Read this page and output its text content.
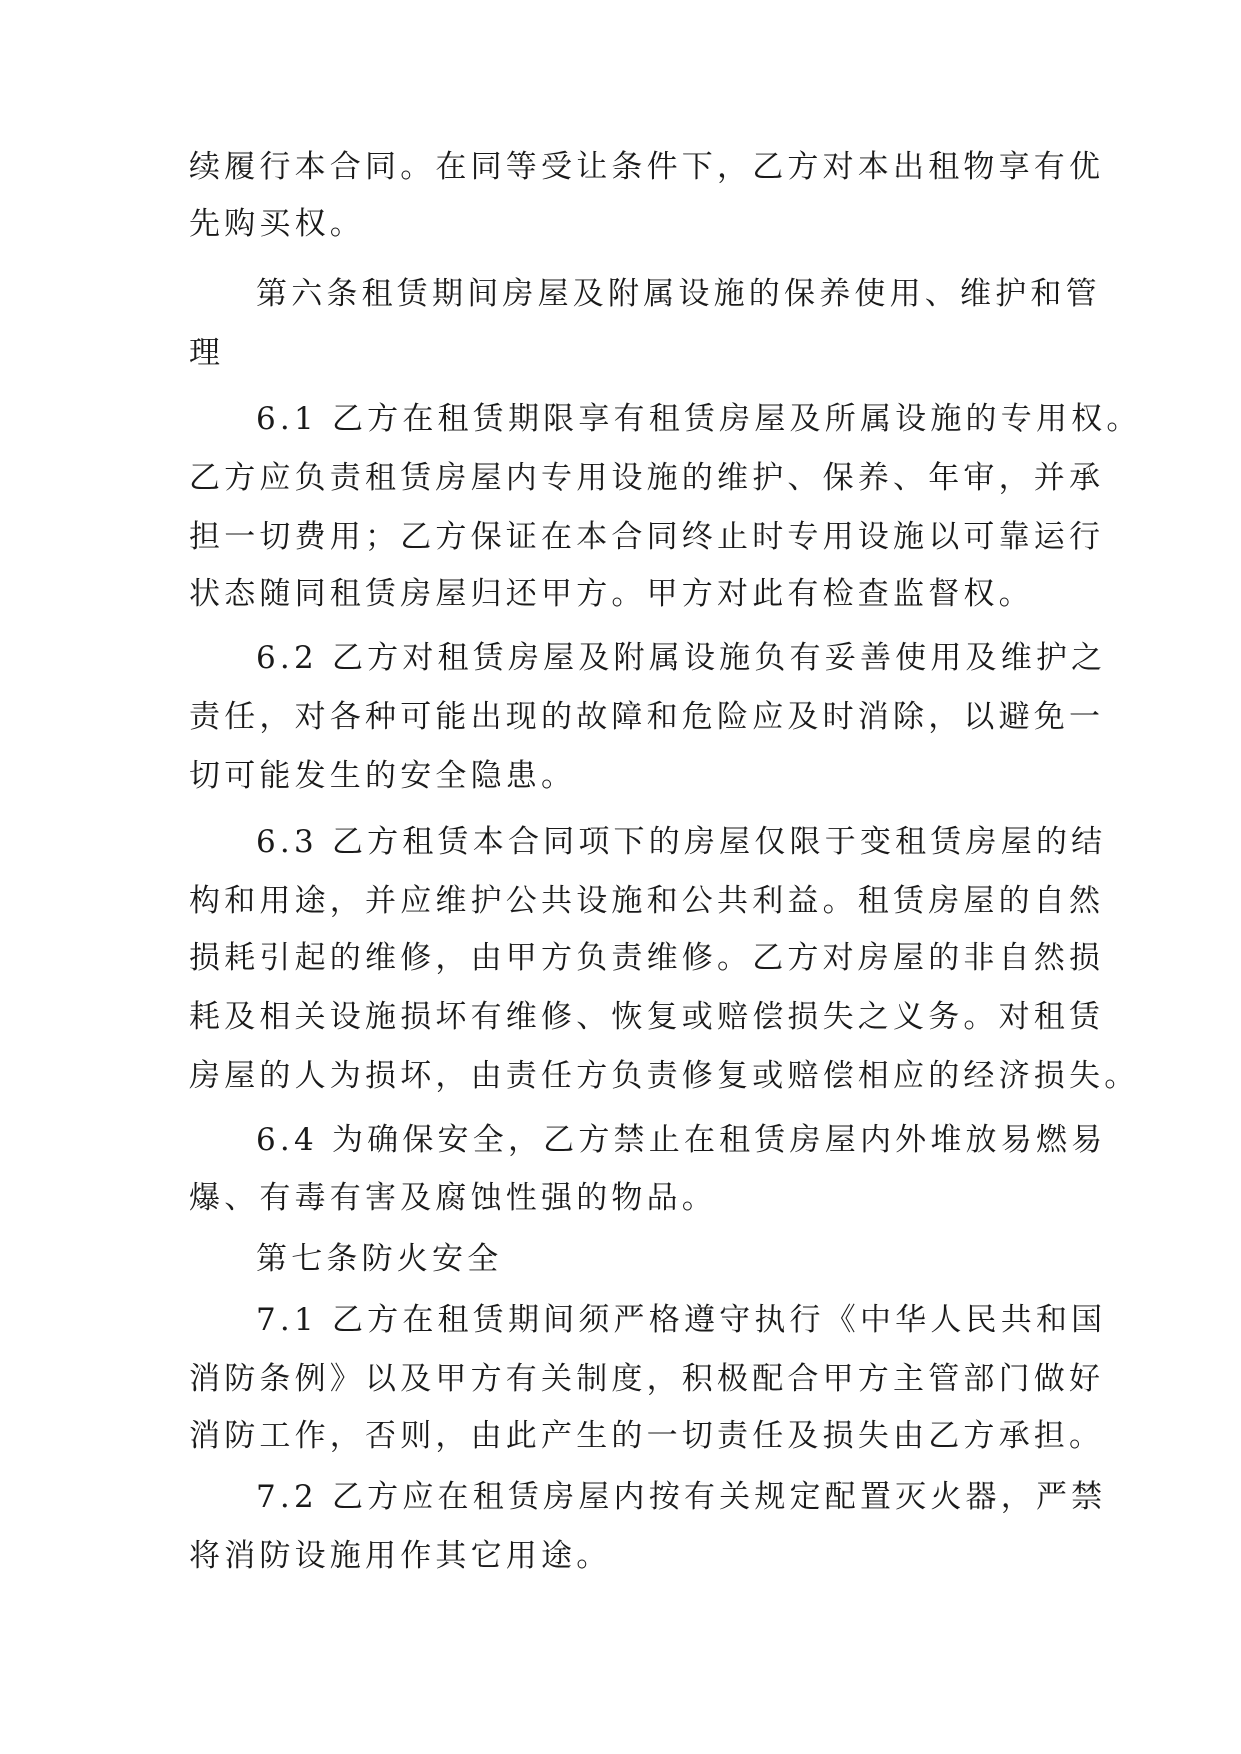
续履行本合同。在同等受让条件下，乙方对本出租物享有优
先购买权。
第六条租赁期间房屋及附属设施的保养使用、维护和管
理
6.1 乙方在租赁期限享有租赁房屋及所属设施的专用权。
乙方应负责租赁房屋内专用设施的维护、保养、年审，并承
担一切费用；乙方保证在本合同终止时专用设施以可靠运行
状态随同租赁房屋归还甲方。甲方对此有检查监督权。
6.2 乙方对租赁房屋及附属设施负有妥善使用及维护之
责任，对各种可能出现的故障和危险应及时消除，以避免一
切可能发生的安全隐患。
6.3 乙方租赁本合同项下的房屋仅限于变租赁房屋的结
构和用途，并应维护公共设施和公共利益。租赁房屋的自然
损耗引起的维修，由甲方负责维修。乙方对房屋的非自然损
耗及相关设施损坏有维修、恢复或赔偿损失之义务。对租赁
房屋的人为损坏，由责任方负责修复或赔偿相应的经济损失。
6.4 为确保安全，乙方禁止在租赁房屋内外堆放易燃易
爆、有毒有害及腐蚀性强的物品。
第七条防火安全
7.1 乙方在租赁期间须严格遵守执行《中华人民共和国
消防条例》以及甲方有关制度，积极配合甲方主管部门做好
消防工作，否则，由此产生的一切责任及损失由乙方承担。
7.2 乙方应在租赁房屋内按有关规定配置灭火器，严禁
将消防设施用作其它用途。
